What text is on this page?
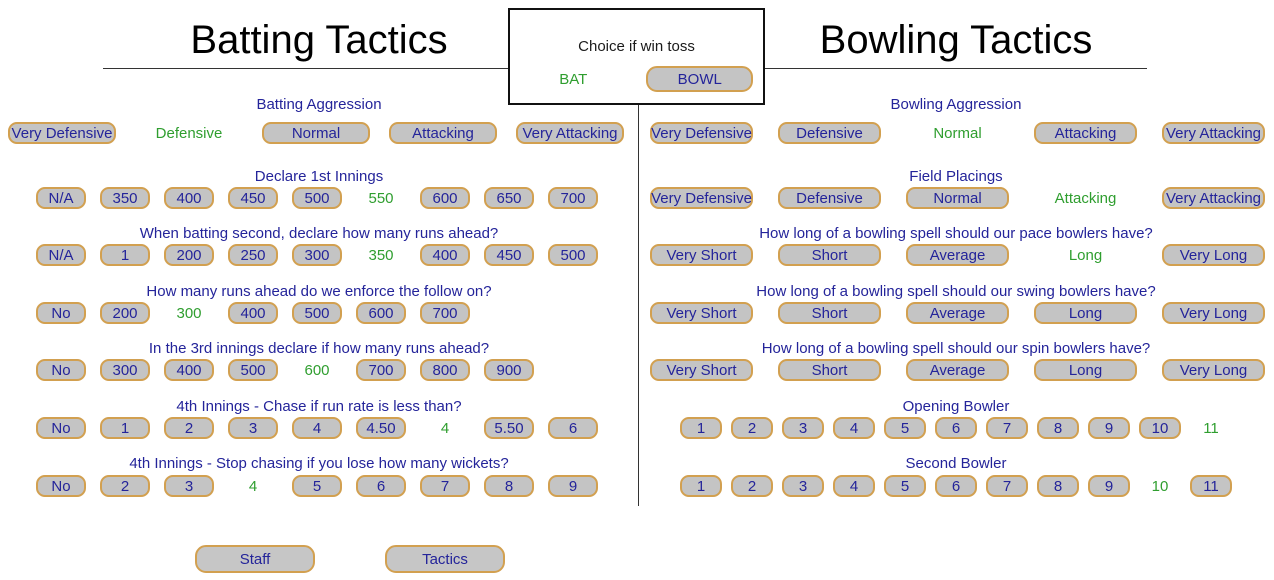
Batting Tactics
Batting Aggression
Very Defensive	Defensive	Normal	Attacking	Very Attacking
Declare 1st Innings
N/A	350	400	450	500	550	600	650	700
When batting second, declare how many runs ahead?
N/A	1	200	250	300	350	400	450	500
How many runs ahead do we enforce the follow on?
No	200	300	400	500	600	700
In the 3rd innings declare if how many runs ahead?
No	300	400	500	600	700	800	900
4th Innings - Chase if run rate is less than?
No	1	2	3	4	4.50	4	5.50	6
4th Innings - Stop chasing if you lose how many wickets?
No	2	3	4	5	6	7	8	9
Bowling Tactics
Bowling Aggression
Very Defensive	Defensive	Normal	Attacking	Very Attacking
Field Placings
Very Defensive	Defensive	Normal	Attacking	Very Attacking
How long of a bowling spell should our pace bowlers have?
Very Short	Short	Average	Long	Very Long
How long of a bowling spell should our swing bowlers have?
Very Short	Short	Average	Long	Very Long
How long of a bowling spell should our spin bowlers have?
Very Short	Short	Average	Long	Very Long
Opening Bowler
1	2	3	4	5	6	7	8	9	10	11
Second Bowler
1	2	3	4	5	6	7	8	9	10	11
Choice if win toss
BAT	BOWL
Staff	Tactics
